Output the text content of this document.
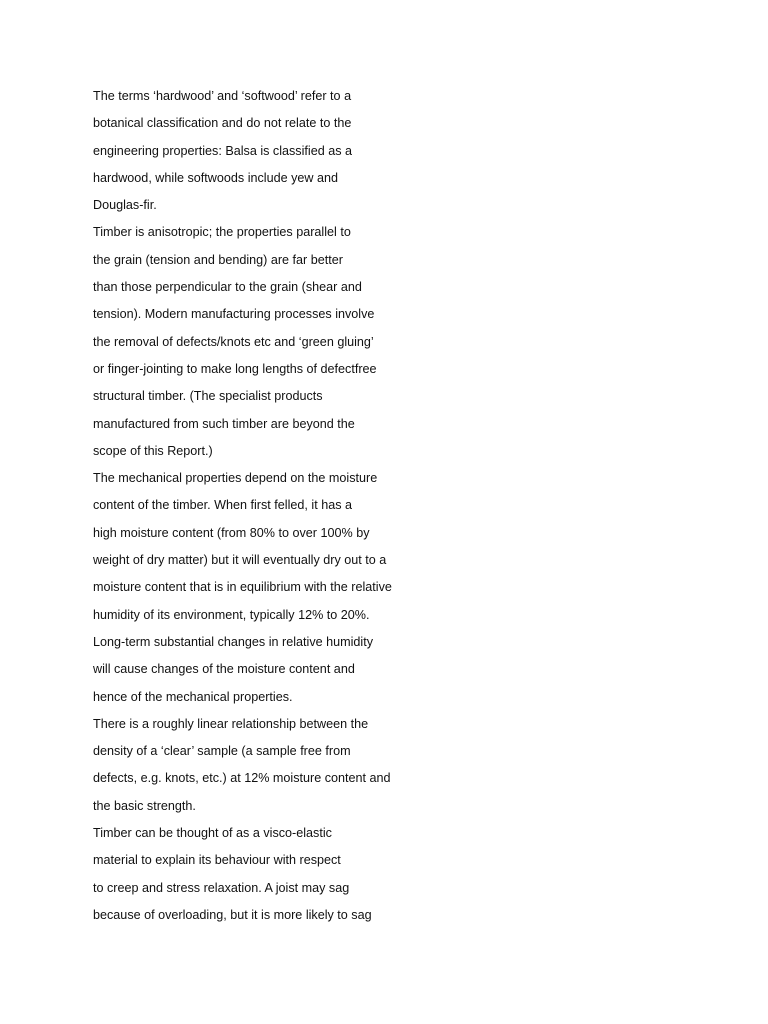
The terms ‘hardwood’ and ‘softwood’ refer to a
botanical classification and do not relate to the
engineering properties: Balsa is classified as a
hardwood, while softwoods include yew and
Douglas-fir.
Timber is anisotropic; the properties parallel to
the grain (tension and bending) are far better
than those perpendicular to the grain (shear and
tension). Modern manufacturing processes involve
the removal of defects/knots etc and ‘green gluing’
or finger-jointing to make long lengths of defectfree
structural timber. (The specialist products
manufactured from such timber are beyond the
scope of this Report.)
The mechanical properties depend on the moisture
content of the timber. When first felled, it has a
high moisture content (from 80% to over 100% by
weight of dry matter) but it will eventually dry out to a
moisture content that is in equilibrium with the relative
humidity of its environment, typically 12% to 20%.
Long-term substantial changes in relative humidity
will cause changes of the moisture content and
hence of the mechanical properties.
There is a roughly linear relationship between the
density of a ‘clear’ sample (a sample free from
defects, e.g. knots, etc.) at 12% moisture content and
the basic strength.
Timber can be thought of as a visco-elastic
material to explain its behaviour with respect
to creep and stress relaxation. A joist may sag
because of overloading, but it is more likely to sag
